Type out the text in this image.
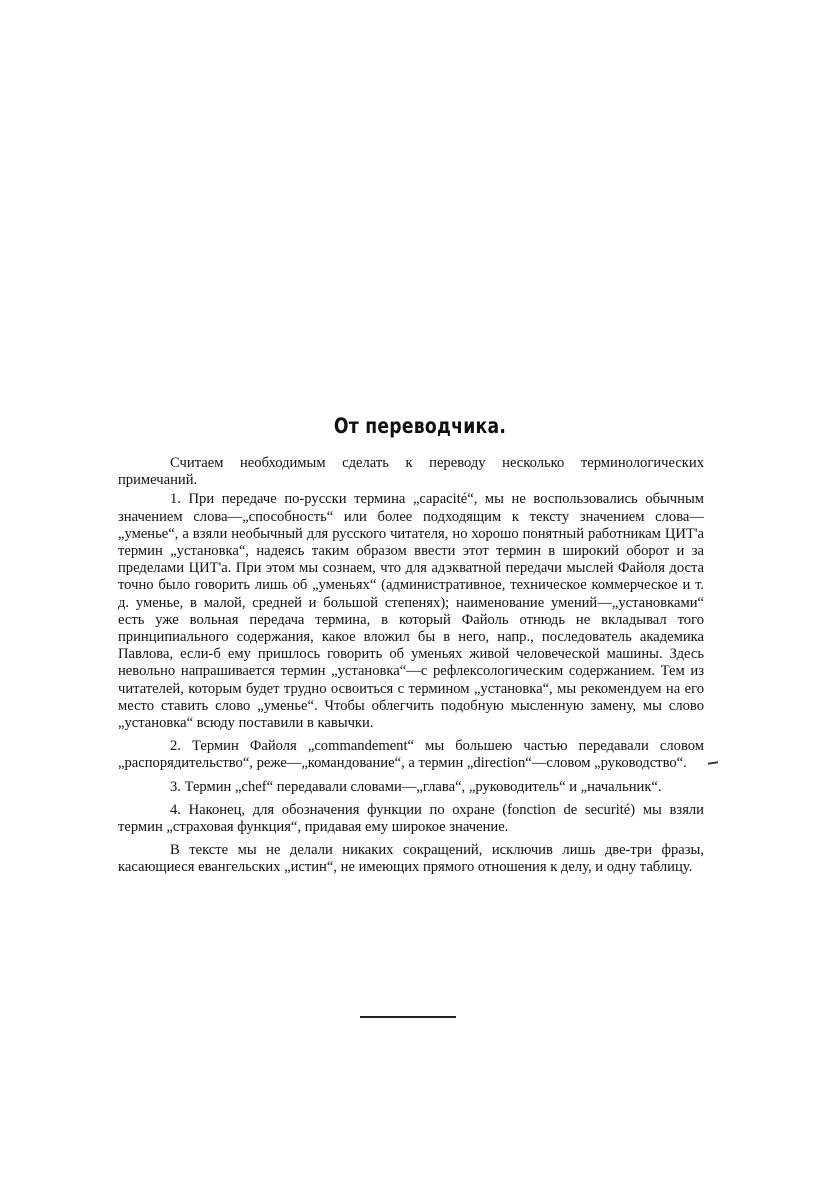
От переводчика.

Считаем необходимым сделать к переводу несколько терминологических примечаний.

1. При передаче по-русски термина „capacité“, мы не воспользовались обычным значением слова—„способность“ или более подходящим к тексту значением слова—„уменье“, а взяли необычный для русского читателя, но хорошо понятный работникам ЦИТ'а термин „установка“, надеясь таким образом ввести этот термин в широкий оборот и за пределами ЦИТ'а. При этом мы сознаем, что для адэкватной передачи мыслей Файоля доста точно было говорить лишь об „уменьях“ (административное, техническое коммерческое и т. д. уменье, в малой, средней и большой степенях); наименование умений—„установками“ есть уже вольная передача термина, в который Файоль отнюдь не вкладывал того принципиального содержания, какое вложил бы в него, напр., последователь академика Павлова, если-б ему пришлось говорить об уменьях живой человеческой машины. Здесь невольно напрашивается термин „установка“—с рефлексологическим содержанием. Тем из читателей, которым будет трудно освоиться с термином „установка“, мы рекомендуем на его место ставить слово „уменье“. Чтобы облегчить подобную мысленную замену, мы слово „установка“ всюду поставили в кавычки.

2. Термин Файоля „commandement“ мы большею частью передавали словом „распорядительство“, реже—„командование“, а термин „direction“—словом „руководство“.

3. Термин „chef“ передавали словами—„глава“, „руководитель“ и „начальник“.

4. Наконец, для обозначения функции по охране (fonction de securité) мы взяли термин „страховая функция“, придавая ему широкое значение.

В тексте мы не делали никаких сокращений, исключив лишь две-три фразы, касающиеся евангельских „истин“, не имеющих прямого отношения к делу, и одну таблицу.
